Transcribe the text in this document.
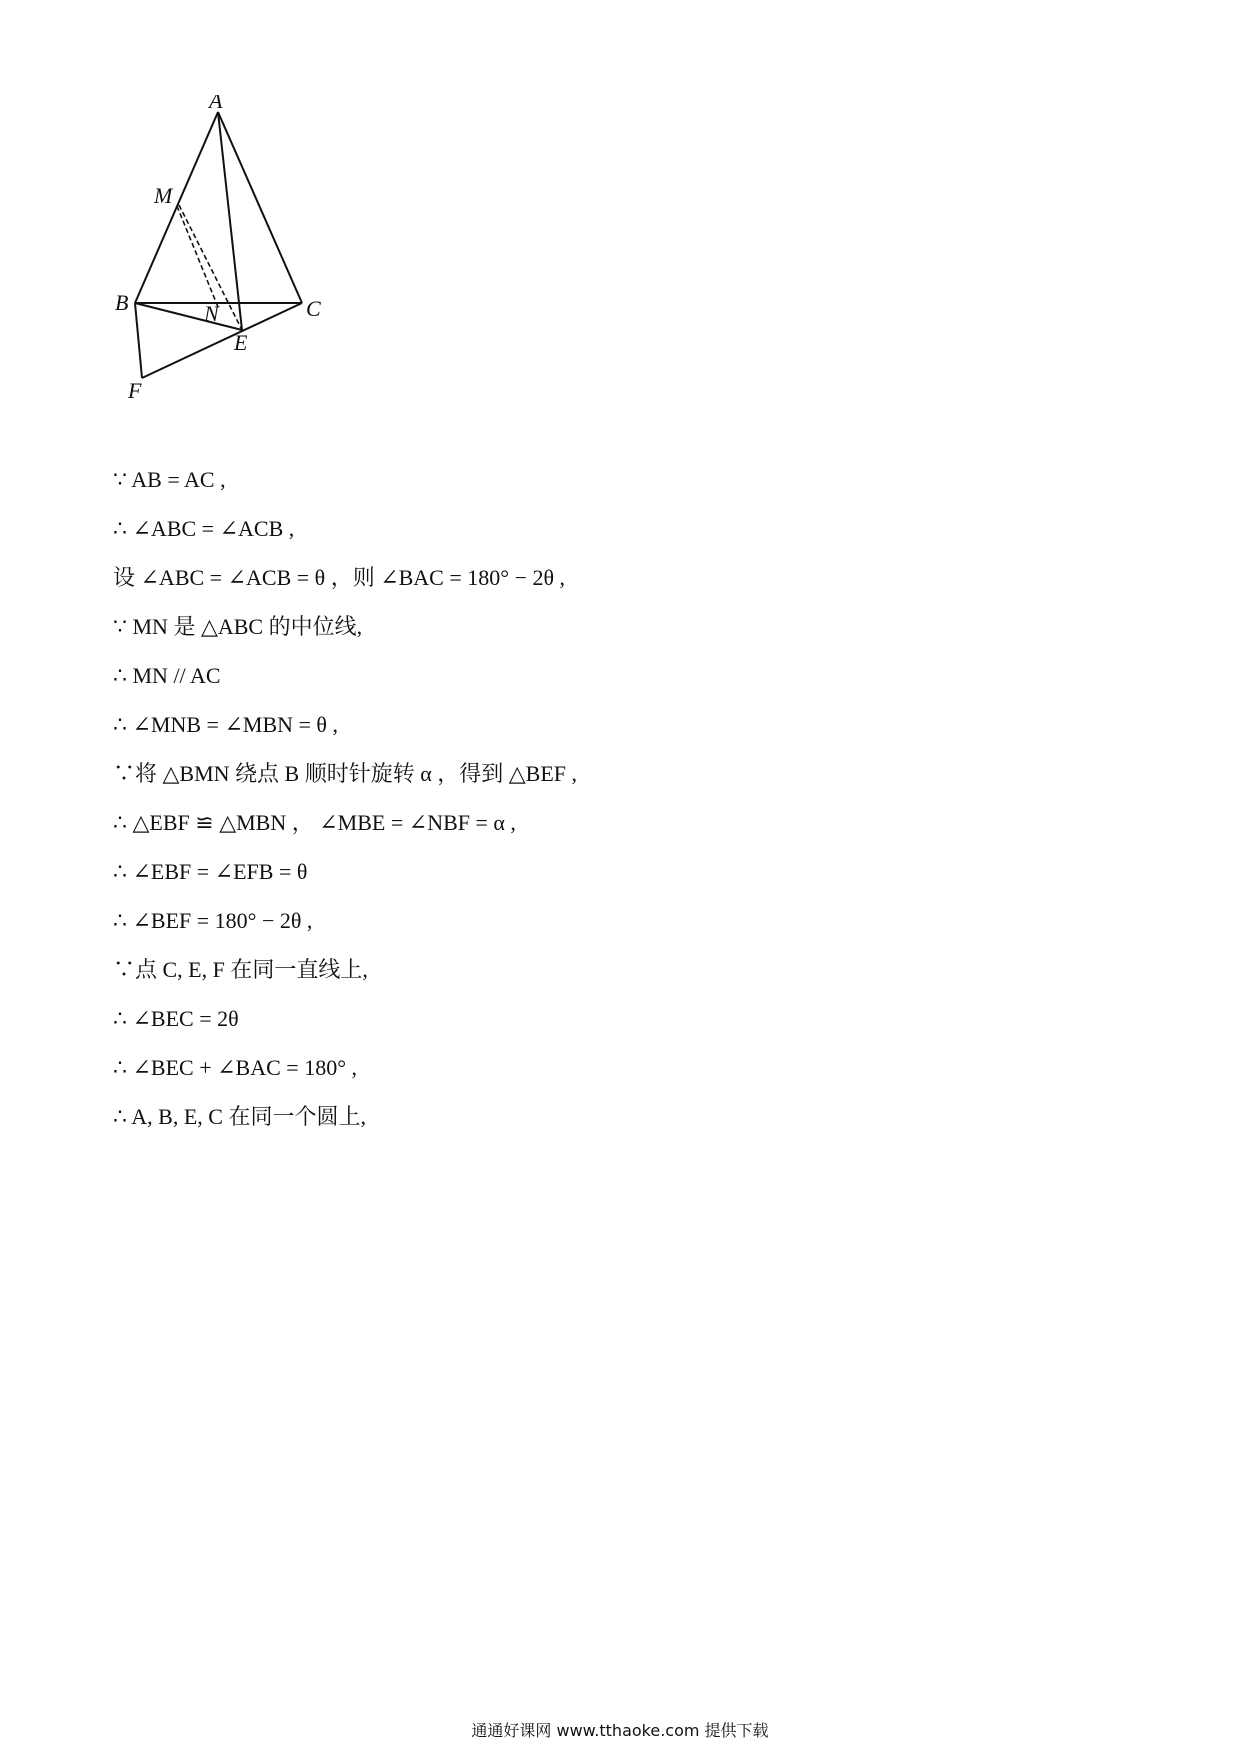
A
M
B	N	C
E
F
∵ AB = AC ,
∴ ∠ABC = ∠ACB ,
设 ∠ABC = ∠ACB = θ ，则 ∠BAC = 180° − 2θ ,
∵ MN 是 △ABC 的中位线,
∴ MN // AC
∴ ∠MNB = ∠MBN = θ ,
∵将 △BMN 绕点 B 顺时针旋转 α ，得到 △BEF ,
∴ △EBF ≌ △MBN ， ∠MBE = ∠NBF = α ,
∴ ∠EBF = ∠EFB = θ
∴ ∠BEF = 180° − 2θ ,
∵点 C, E, F 在同一直线上,
∴ ∠BEC = 2θ
∴ ∠BEC + ∠BAC = 180° ,
∴ A, B, E, C 在同一个圆上,
通通好课网 www.tthaoke.com 提供下载
